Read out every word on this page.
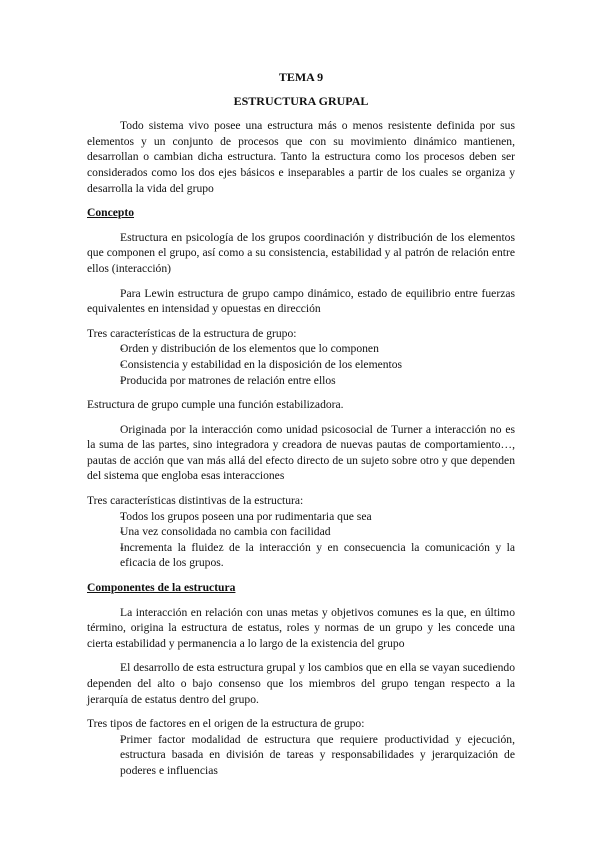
TEMA 9

ESTRUCTURA GRUPAL

Todo sistema vivo posee una estructura más o menos resistente definida por sus elementos y un conjunto de procesos que con su movimiento dinámico mantienen, desarrollan o cambian dicha estructura. Tanto la estructura como los procesos deben ser considerados como los dos ejes básicos e inseparables a partir de los cuales se organiza y desarrolla la vida del grupo

Concepto

Estructura en psicología de los grupos coordinación y distribución de los elementos que componen el grupo, así como a su consistencia, estabilidad y al patrón de relación entre ellos (interacción)

Para Lewin estructura de grupo campo dinámico, estado de equilibrio entre fuerzas equivalentes en intensidad y opuestas en dirección

Tres características de la estructura de grupo:

- Orden y distribución de los elementos que lo componen
- Consistencia y estabilidad en la disposición de los elementos
- Producida por matrones de relación entre ellos

Estructura de grupo cumple una función estabilizadora.

Originada por la interacción como unidad psicosocial de Turner a interacción no es la suma de las partes, sino integradora y creadora de nuevas pautas de comportamiento…, pautas de acción que van más allá del efecto directo de un sujeto sobre otro y que dependen del sistema que engloba esas interacciones

Tres características distintivas de la estructura:

- Todos los grupos poseen una por rudimentaria que sea
- Una vez consolidada no cambia con facilidad
- Incrementa la fluidez de la interacción y en consecuencia la comunicación y la eficacia de los grupos.

Componentes de la estructura

La interacción en relación con unas metas y objetivos comunes es la que, en último término, origina la estructura de estatus, roles y normas de un grupo y les concede una cierta estabilidad y permanencia a lo largo de la existencia del grupo

El desarrollo de esta estructura grupal y los cambios que en ella se vayan sucediendo dependen del alto o bajo consenso que los miembros del grupo tengan respecto a la jerarquía de estatus dentro del grupo.

Tres tipos de factores en el origen de la estructura de grupo:

- Primer factor modalidad de estructura que requiere productividad y ejecución, estructura basada en división de tareas y responsabilidades y jerarquización de poderes e influencias
